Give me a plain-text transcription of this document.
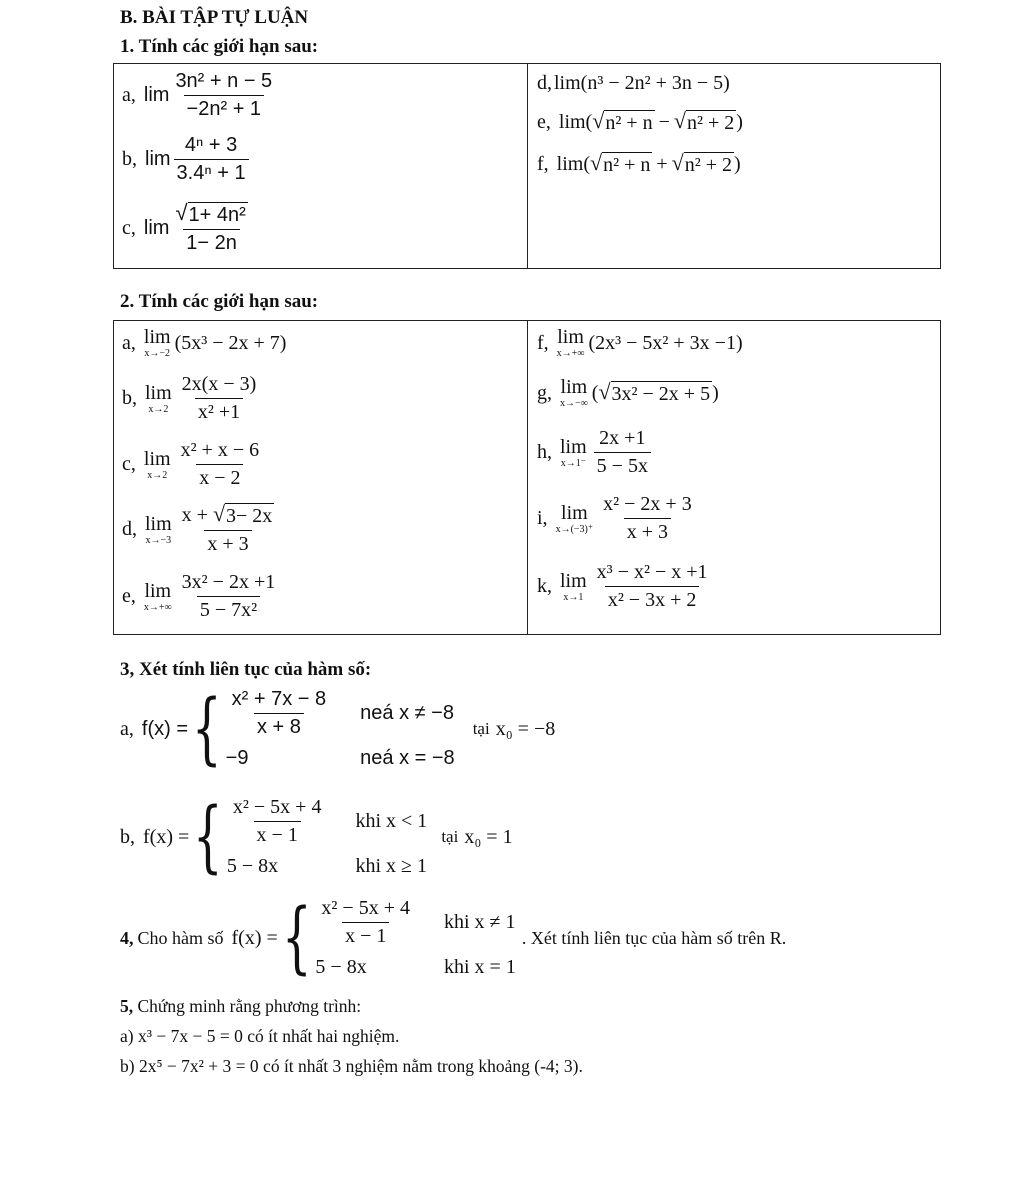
B. BÀI TẬP TỰ LUẬN
1. Tính các giới hạn sau:
a, $\lim \frac{\text{3n² + n − 5}}{\text{−2n² + 1}}$
b, $\lim \frac{\text{4ⁿ + 3}}{\text{3.4ⁿ + 1}}$
c, $\lim \frac{\text{√ 1+ 4n²}}{1- 2n}$
d, lim(n³ − 2n² + 3n − 5)
e, lim( √ n² + n − √ n² + 2 )
f, lim( √ n² + n + √ n² + 2 )
2. Tính các giới hạn sau:
a, lim
x→−2 (5x³ − 2x + 7)
b, lim
$x\to 2 \frac{2x(x - 3)}{\text{x² +1}}$
c, lim
$x\to 2 \frac{\text{x² + x − 6}}{x - 2}$
d, lim
$x\to-3 \frac{x + √ 3- 2x}{x + 3}$
e, lim
$x\to+\infty \frac{\text{3x² − 2x +1}}{\text{5 − 7x²}}$
f, lim
x→+∞ (2x³ − 5x² + 3x −1)
g, lim
x→−∞ ( √ 3x² − 2x + 5 )
h, lim
$x\to 1^- \frac{2x +1}{5 - 5x}$
i, lim
$x\to(-3)^+ \frac{\text{x² − 2x + 3}}{x + 3}$
k, lim
$x\to 1 \frac{\text{x³ − x² − x +1}}{\text{x² − 3x + 2}}$
3, Xét tính liên tục của hàm số:
a, f(x) = { $\frac{\text{x² + 7x − 8}}{x + 8}$ neá x ≠ −8
−9	neá x = −8
tại x₀ = −8
b, f(x) = { $\frac{\text{x² − 5x + 4}}{x - 1}$ khi x < 1
5 − 8x	khi x ≥ 1
tại x₀ = 1
4, Cho hàm số f(x) = { $\frac{\text{x² − 5x + 4}}{x - 1}$ khi x ≠ 1
5 − 8x	khi x = 1
. Xét tính liên tục của hàm số trên R.
5, Chứng minh rằng phương trình:
a) x³ − 7x − 5 = 0 có ít nhất hai nghiệm.
b) 2x⁵ − 7x² + 3 = 0 có ít nhất 3 nghiệm nằm trong khoảng (-4; 3).
